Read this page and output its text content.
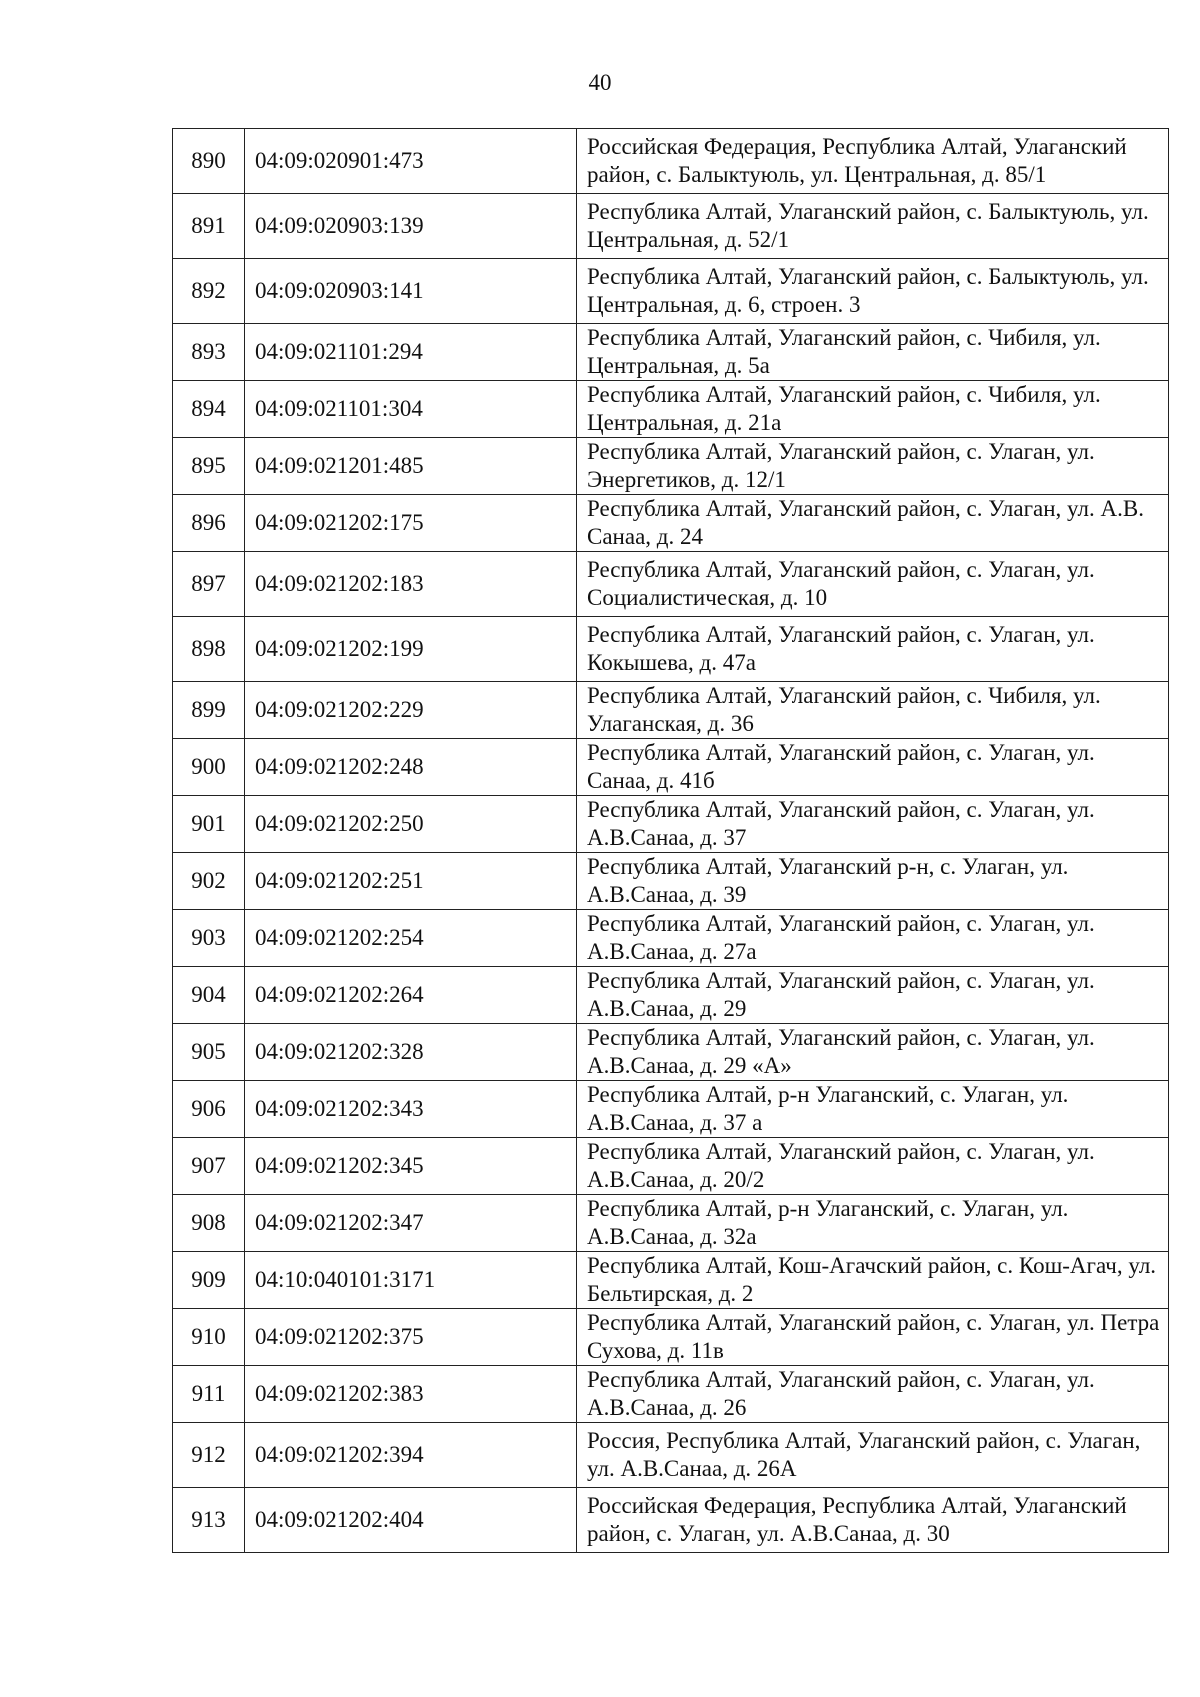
40
890	04:09:020901:473	Российская Федерация, Республика Алтай, Улаганский район, с. Балыктуюль, ул. Центральная, д. 85/1
891	04:09:020903:139	Республика Алтай, Улаганский район, с. Балыктуюль, ул. Центральная, д. 52/1
892	04:09:020903:141	Республика Алтай, Улаганский район, с. Балыктуюль, ул. Центральная, д. 6, строен. 3
893	04:09:021101:294	Республика Алтай, Улаганский район, с. Чибиля, ул. Центральная, д. 5а
894	04:09:021101:304	Республика Алтай, Улаганский район, с. Чибиля, ул. Центральная, д. 21а
895	04:09:021201:485	Республика Алтай, Улаганский район, с. Улаган, ул. Энергетиков, д. 12/1
896	04:09:021202:175	Республика Алтай, Улаганский район, с. Улаган, ул. А.В. Санаа, д. 24
897	04:09:021202:183	Республика Алтай, Улаганский район, с. Улаган, ул. Социалистическая, д. 10
898	04:09:021202:199	Республика Алтай, Улаганский район, с. Улаган, ул. Кокышева, д. 47а
899	04:09:021202:229	Республика Алтай, Улаганский район, с. Чибиля, ул. Улаганская, д. 36
900	04:09:021202:248	Республика Алтай, Улаганский район, с. Улаган, ул. Санаа, д. 41б
901	04:09:021202:250	Республика Алтай, Улаганский район, с. Улаган, ул. А.В.Санаа, д. 37
902	04:09:021202:251	Республика Алтай, Улаганский р-н, с. Улаган, ул. А.В.Санаа, д. 39
903	04:09:021202:254	Республика Алтай, Улаганский район, с. Улаган, ул. А.В.Санаа, д. 27а
904	04:09:021202:264	Республика Алтай, Улаганский район, с. Улаган, ул. А.В.Санаа, д. 29
905	04:09:021202:328	Республика Алтай, Улаганский район, с. Улаган, ул. А.В.Санаа, д. 29 «А»
906	04:09:021202:343	Республика Алтай, р-н Улаганский, с. Улаган, ул. А.В.Санаа, д. 37 а
907	04:09:021202:345	Республика Алтай, Улаганский район, с. Улаган, ул. А.В.Санаа, д. 20/2
908	04:09:021202:347	Республика Алтай, р-н Улаганский, с. Улаган, ул. А.В.Санаа, д. 32а
909	04:10:040101:3171	Республика Алтай, Кош-Агачский район, с. Кош-Агач, ул. Бельтирская, д. 2
910	04:09:021202:375	Республика Алтай, Улаганский район, с. Улаган, ул. Петра Сухова, д. 11в
911	04:09:021202:383	Республика Алтай, Улаганский район, с. Улаган, ул. А.В.Санаа, д. 26
912	04:09:021202:394	Россия, Республика Алтай, Улаганский район, с. Улаган, ул. А.В.Санаа, д. 26А
913	04:09:021202:404	Российская Федерация, Республика Алтай, Улаганский район, с. Улаган, ул. А.В.Санаа, д. 30
